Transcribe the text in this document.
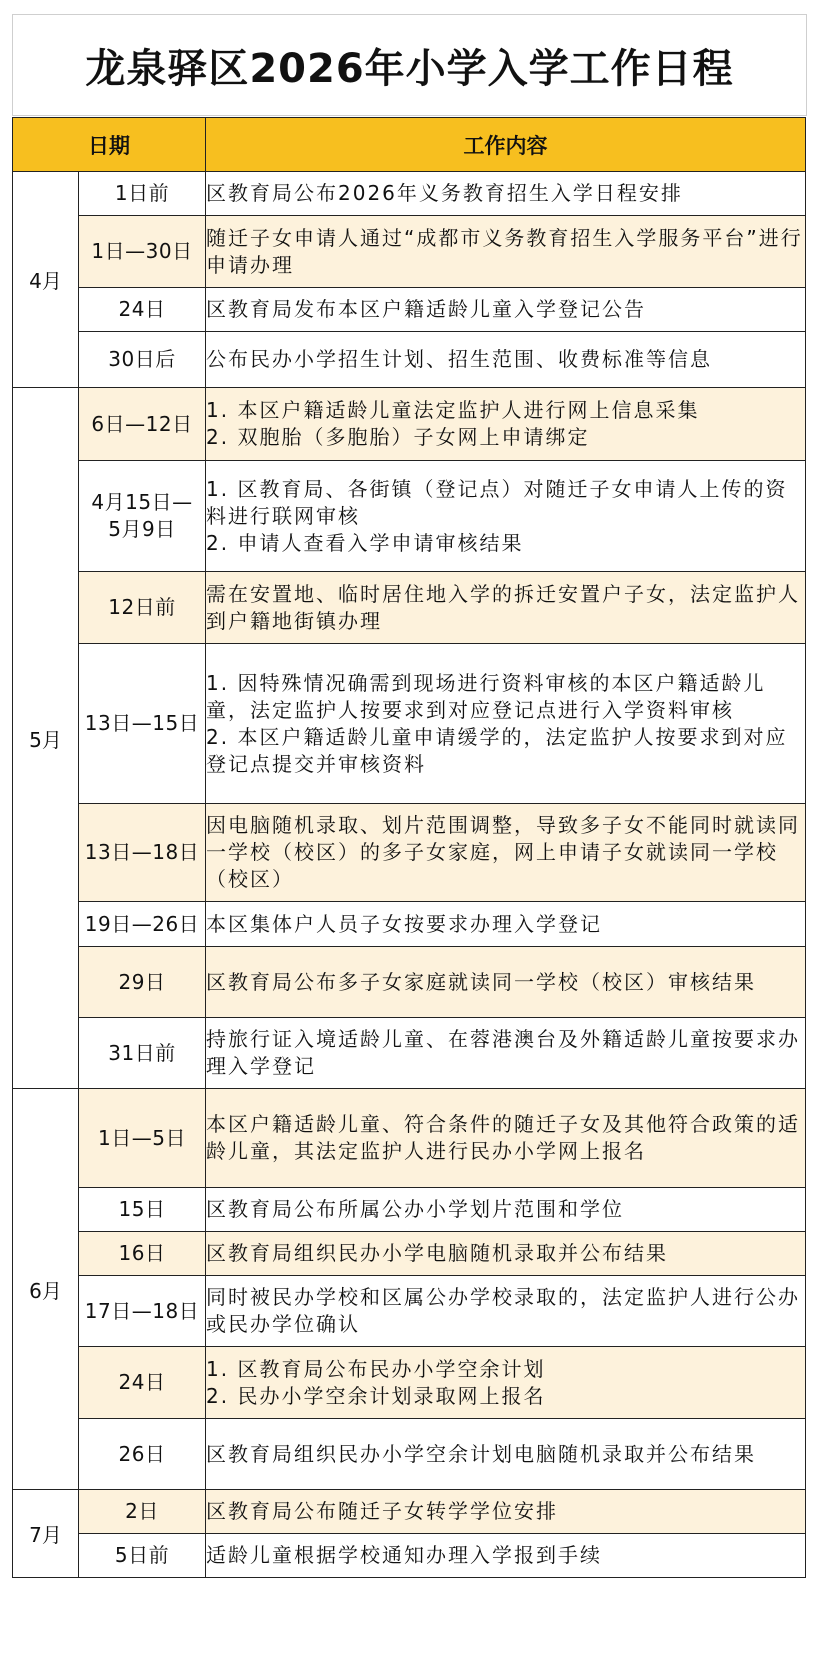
龙泉驿区2026年小学入学工作日程
日期		工作内容
4月	1日前	区教育局公布2026年义务教育招生入学日程安排

	1日—30日	随迁子女申请人通过“成都市义务教育招生入学服务平台”进行申请办理

	24日	区教育局发布本区户籍适龄儿童入学登记公告

	30日后	公布民办小学招生计划、招生范围、收费标准等信息

5月	6日—12日	1. 本区户籍适龄儿童法定监护人进行网上信息采集
2. 双胞胎（多胞胎）子女网上申请绑定

	4月15日—
5月9日	1. 区教育局、各街镇（登记点）对随迁子女申请人上传的资料进行联网审核
2. 申请人查看入学申请审核结果

	12日前	需在安置地、临时居住地入学的拆迁安置户子女，法定监护人到户籍地街镇办理

	13日—15日	1. 因特殊情况确需到现场进行资料审核的本区户籍适龄儿童，法定监护人按要求到对应登记点进行入学资料审核
2. 本区户籍适龄儿童申请缓学的，法定监护人按要求到对应登记点提交并审核资料

	13日—18日	因电脑随机录取、划片范围调整，导致多子女不能同时就读同一学校（校区）的多子女家庭，网上申请子女就读同一学校（校区）

	19日—26日	本区集体户人员子女按要求办理入学登记

	29日	区教育局公布多子女家庭就读同一学校（校区）审核结果

	31日前	持旅行证入境适龄儿童、在蓉港澳台及外籍适龄儿童按要求办理入学登记

6月	1日—5日	本区户籍适龄儿童、符合条件的随迁子女及其他符合政策的适龄儿童，其法定监护人进行民办小学网上报名

	15日	区教育局公布所属公办小学划片范围和学位

	16日	区教育局组织民办小学电脑随机录取并公布结果

	17日—18日	同时被民办学校和区属公办学校录取的，法定监护人进行公办或民办学位确认

	24日	1. 区教育局公布民办小学空余计划
2. 民办小学空余计划录取网上报名

	26日	区教育局组织民办小学空余计划电脑随机录取并公布结果

7月	2日	区教育局公布随迁子女转学学位安排

	5日前	适龄儿童根据学校通知办理入学报到手续
